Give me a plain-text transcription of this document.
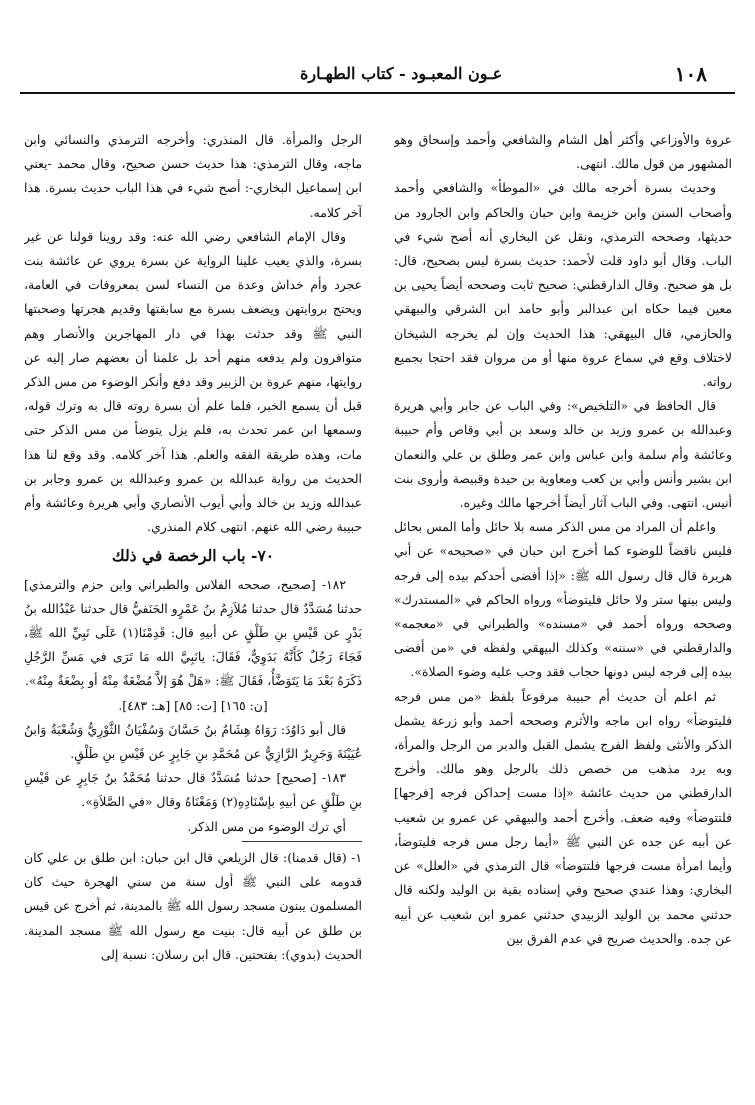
١٠٨
عـون المعبـود - كتاب الطهـارة

عروة والأوزاعي وأكثر أهل الشام والشافعي وأحمد وإسحاق وهو المشهور من قول مالك. انتهى.

وحديث بسرة أخرجه مالك في «الموطأ» والشافعي وأحمد وأصحاب السنن وابن خزيمة وابن حبان والحاكم وابن الجارود من حديثها، وصححه الترمذي، ونقل عن البخاري أنه أصح شيء في الباب. وقال أبو داود قلت لأحمد: حديث بسرة ليس بصحيح، قال: بل هو صحيح. وقال الدارقطني: صحيح ثابت وصححه أيضاً يحيى بن معين فيما حكاه ابن عبدالبر وأبو حامد ابن الشرقي والبيهقي والحازمي، قال البيهقي: هذا الحديث وإن لم يخرجه الشيخان لاختلاف وقع في سماع عروة منها أو من مروان فقد احتجا بجميع رواته.

قال الحافظ في «التلخيص»: وفي الباب عن جابر وأبي هريرة وعبدالله بن عمرو وزيد بن خالد وسعد بن أبي وقاص وأم حبيبة وعائشة وأم سلمة وابن عباس وابن عمر وطلق بن علي والنعمان ابن بشير وأنس وأبي بن كعب ومعاوية بن حيدة وقبيصة وأروى بنت أنيس. انتهى. وفي الباب آثار أيضاً أخرجها مالك وغيره.

واعلم أن المراد من مس الذكر مسه بلا حائل وأما المس بحائل فليس ناقضاً للوضوء كما أخرج ابن حبان في «صحيحه» عن أبي هريرة قال قال رسول الله ﷺ: «إذا أفضى أحدكم بيده إلى فرجه وليس بينها ستر ولا حائل فليتوضأ» ورواه الحاكم في «المستدرك» وصححه ورواه أحمد في «مسنده» والطبراني في «معجمه» والدارقطني في «سننه» وكذلك البيهقي ولفظه في «من أفضى بيده إلى فرجه ليس دونها حجاب فقد وجب عليه وضوء الصلاة».

ثم اعلم أن حديث أم حبيبة مرفوعاً بلفظ «من مس فرجه فليتوضأ» رواه ابن ماجه والأثرم وصححه أحمد وأبو زرعة يشمل الذكر والأنثى ولفظ الفرج يشمل القبل والدبر من الرجل والمرأة، وبه يرد مذهب من خصص ذلك بالرجل وهو مالك. وأخرج الدارقطني من حديث عائشة «إذا مست إحداكن فرجه [فرجها] فلتتوضأ» وفيه ضعف. وأخرج أحمد والبيهقي عن عمرو بن شعيب عن أبيه عن جده عن النبي ﷺ «أيما رجل مس فرجه فليتوضأ، وأيما امرأة مست فرجها فلتتوضأ» قال الترمذي في «العلل» عن البخاري: وهذا عندي صحيح وفي إسناده بقية بن الوليد ولكنه قال حدثني محمد بن الوليد الزبيدي حدثني عمرو ابن شعيب عن أبيه عن جده. والحديث صريح في عدم الفرق بين

الرجل والمرأة. قال المنذري: وأخرجه الترمذي والنسائي وابن ماجه، وقال الترمذي: هذا حديث حسن صحيح، وقال محمد -يعني ابن إسماعيل البخاري-: أصح شيء في هذا الباب حديث بسرة. هذا آخر كلامه.

وقال الإمام الشافعي رضي الله عنه: وقد روينا قولنا عن غير بسرة، والذي يعيب علينا الرواية عن بسرة يروي عن عائشة بنت عجرد وأم خداش وعدة من النساء لسن بمعروفات في العامة، ويحتج بروايتهن ويضعف بسرة مع سابقتها وقديم هجرتها وصحبتها النبي ﷺ وقد حدثت بهذا في دار المهاجرين والأنصار وهم متوافرون ولم يدفعه منهم أحد بل علمنا أن بعضهم صار إليه عن روايتها، منهم عروة بن الزبير وقد دفع وأنكر الوضوء من مس الذكر قبل أن يسمع الخبر، فلما علم أن بسرة روته قال به وترك قوله، وسمعها ابن عمر تحدث به، فلم يزل يتوضأ من مس الذكر حتى مات، وهذه طريقة الفقه والعلم. هذا آخر كلامه. وقد وقع لنا هذا الحديث من رواية عبدالله بن عمرو وعبدالله بن عمرو وجابر بن عبدالله وزيد بن خالد وأبي أيوب الأنصاري وأبي هريرة وعائشة وأم حبيبة رضي الله عنهم. انتهى كلام المنذري.

٧٠- باب الرخصة في ذلك

١٨٢- [صحيح، صححه الفلاس والطبراني وابن حزم والترمذي] حدثنا مُسَدَّدٌ قال حدثنا مُلاَزِمُ بنُ عَمْرٍو الحَنَفيُّ قال حدثنا عَبْدُالله بنُ بَدْرٍ عن قَيْسِ بنِ طَلْقٍ عن أبيهِ قال: قَدِمْنَا(١) عَلَى نَبِيِّ الله ﷺ، فَجَاءَ رَجُلٌ كَأَنَّهُ بَدَوِيٌّ، فَقَالَ: يانَبِيَّ الله مَا تَرَى في مَسِّ الرَّجُلِ ذَكَرَهُ بَعْدَ مَا يَتَوَضَّأُ، فَقَالَ ﷺ: «هَلْ هُوَ إلاَّ مُضْغَةٌ مِنْهُ أو بِضْعَةٌ مِنْهُ».

[ن: ١٦٥] [ت: ٨٥] [هـ: ٤٨٣].

قال أبو دَاوُدَ: رَوَاهُ هِشَامُ بنُ حَسَّانَ وَسُفْيَانُ الثَّوْرِيُّ وَشُعْبَةُ وَابنُ عُيَيْنَةَ وَجَرِيرٌ الرَّازِيُّ عن مُحَمَّدِ بنِ جَابِرٍ عن قَيْسِ بنِ طَلْقٍ.

١٨٣- [صحيح] حدثنا مُسَدَّدٌ قال حدثنا مُحَمَّدُ بنُ جَابِرٍ عن قَيْسِ بنِ طَلْقٍ عن أبيهِ بإسْنَادِهِ(٢) وَمَعْنَاهُ وقال «في الصَّلاَةِ».

أي ترك الوضوء من مس الذكر.

١- (قال قدمنا): قال الزيلعي قال ابن حبان: ابن طلق بن علي كان قدومه على النبي ﷺ أول سنة من سني الهجرة حيث كان المسلمون يبنون مسجد رسول الله ﷺ بالمدينة، ثم أخرج عن قيس بن طلق عن أبيه قال: بنيت مع رسول الله ﷺ مسجد المدينة. الحديث (بدوي): بفتحتين. قال ابن رسلان: نسبة إلى
